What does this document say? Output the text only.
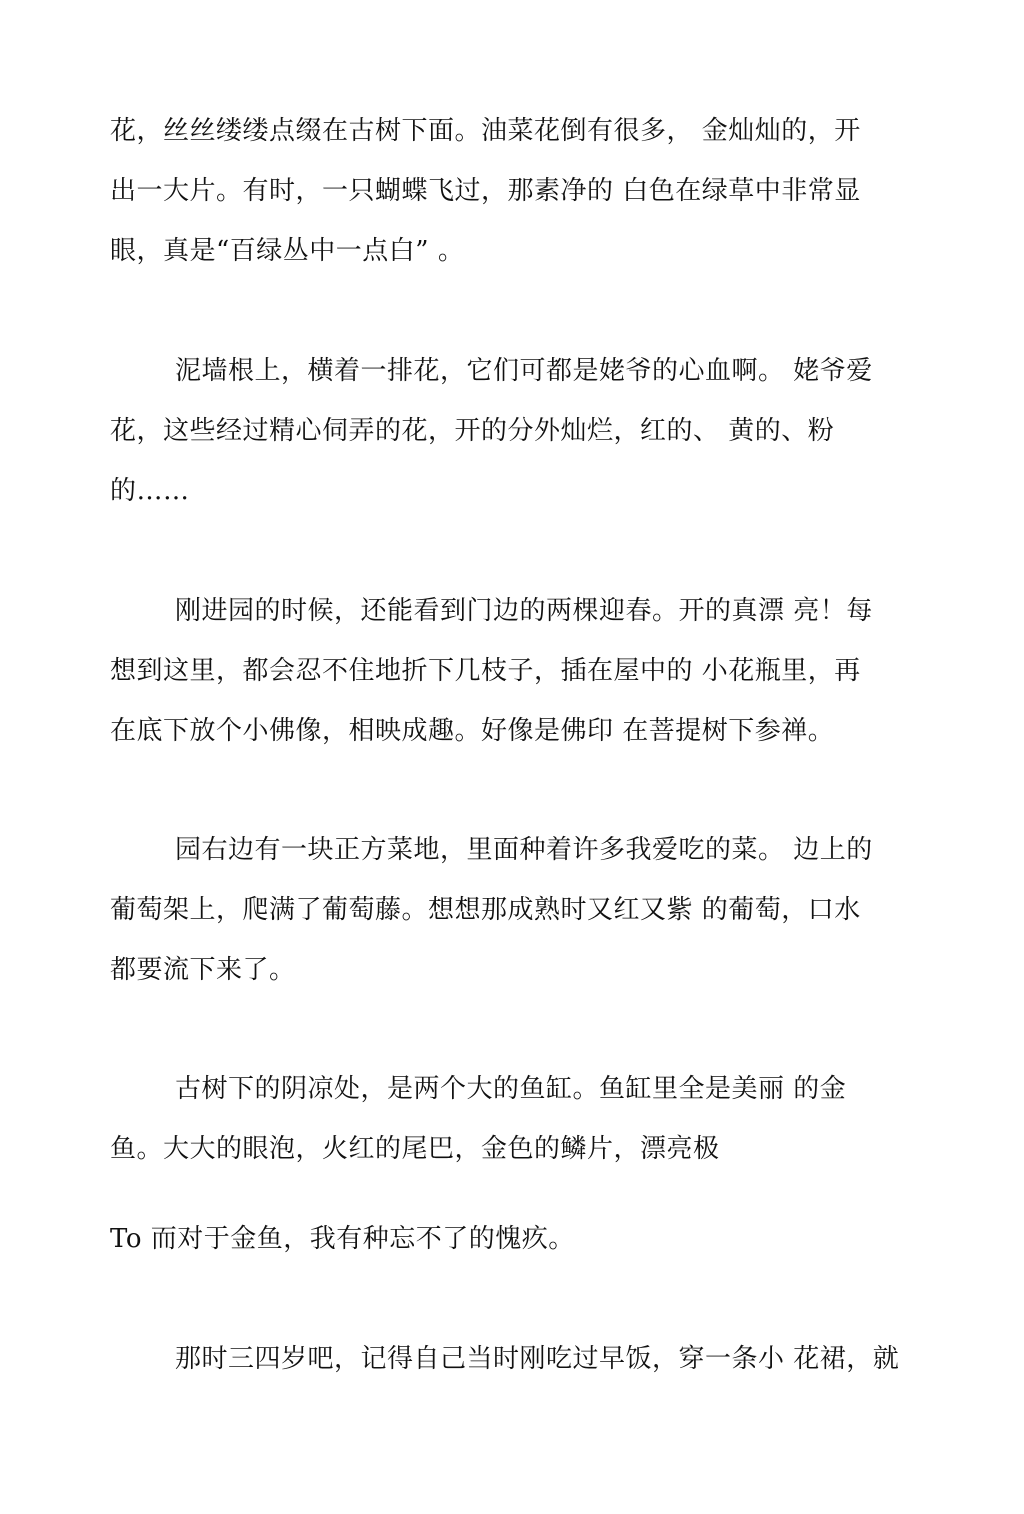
花，丝丝缕缕点缀在古树下面。油菜花倒有很多， 金灿灿的，开

出一大片。有时，一只蝴蝶飞过，那素净的 白色在绿草中非常显

眼，真是“百绿丛中一点白” 。

泥墙根上，横着一排花，它们可都是姥爷的心血啊。 姥爷爱

花，这些经过精心伺弄的花，开的分外灿烂，红的、 黄的、粉

的……

刚进园的时候，还能看到门边的两棵迎春。开的真漂 亮！每

想到这里，都会忍不住地折下几枝子，插在屋中的 小花瓶里，再

在底下放个小佛像，相映成趣。好像是佛印 在菩提树下参禅。

园右边有一块正方菜地，里面种着许多我爱吃的菜。 边上的

葡萄架上，爬满了葡萄藤。想想那成熟时又红又紫 的葡萄，口水

都要流下来了。

古树下的阴凉处，是两个大的鱼缸。鱼缸里全是美丽 的金

鱼。大大的眼泡，火红的尾巴，金色的鳞片，漂亮极

To 而对于金鱼，我有种忘不了的愧疚。

那时三四岁吧，记得自己当时刚吃过早饭，穿一条小 花裙，就
